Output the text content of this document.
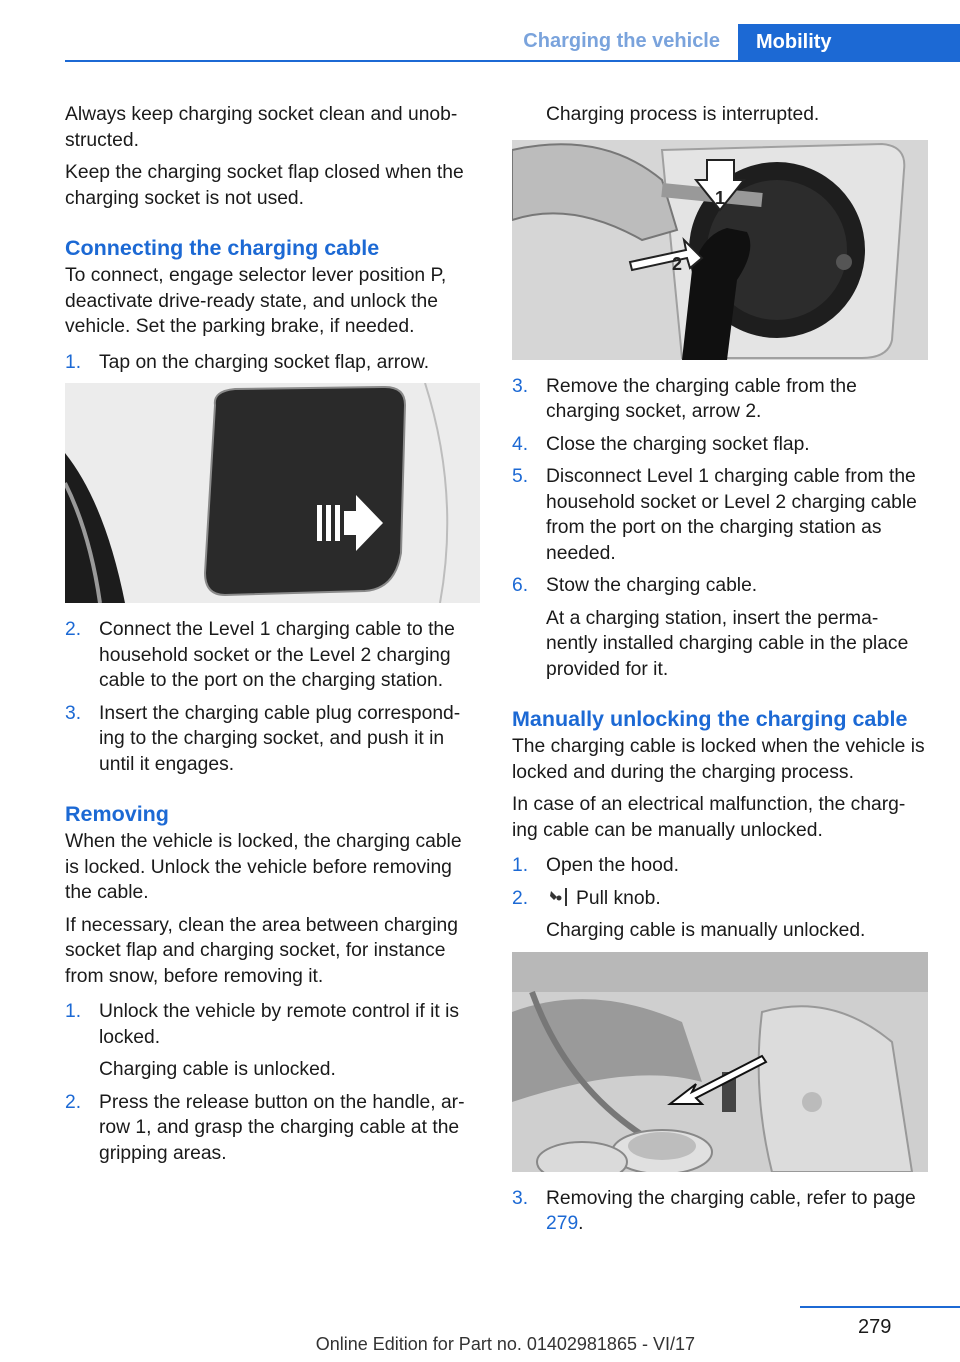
Charging the vehicle Mobility

Always keep charging socket clean and unob-structed.

Keep the charging socket flap closed when the charging socket is not used.

Connecting the charging cable

To connect, engage selector lever position P, deactivate drive-ready state, and unlock the vehicle. Set the parking brake, if needed.

1. Tap on the charging socket flap, arrow.
2. Connect the Level 1 charging cable to the household socket or the Level 2 charging cable to the port on the charging station.
3. Insert the charging cable plug correspond-ing to the charging socket, and push it in until it engages.
Removing

When the vehicle is locked, the charging cable is locked. Unlock the vehicle before removing the cable.

If necessary, clean the area between charging socket flap and charging socket, for instance from snow, before removing it.

1. Unlock the vehicle by remote control if it is locked.
Charging cable is unlocked.
2. Press the release button on the handle, ar-row 1, and grasp the charging cable at the gripping areas.

Charging process is interrupted.

1
2
3. Remove the charging cable from the charging socket, arrow 2.
4. Close the charging socket flap.
5. Disconnect Level 1 charging cable from the household socket or Level 2 charging cable from the port on the charging station as needed.
6. Stow the charging cable.
At a charging station, insert the perma-nently installed charging cable in the place provided for it.
Manually unlocking the charging cable

The charging cable is locked when the vehicle is locked and during the charging process.

In case of an electrical malfunction, the charg-ing cable can be manually unlocked.

1. Open the hood.
2. Pull knob.
Charging cable is manually unlocked.
3. Removing the charging cable, refer to page 279.
279
Online Edition for Part no. 01402981865 - VI/17
